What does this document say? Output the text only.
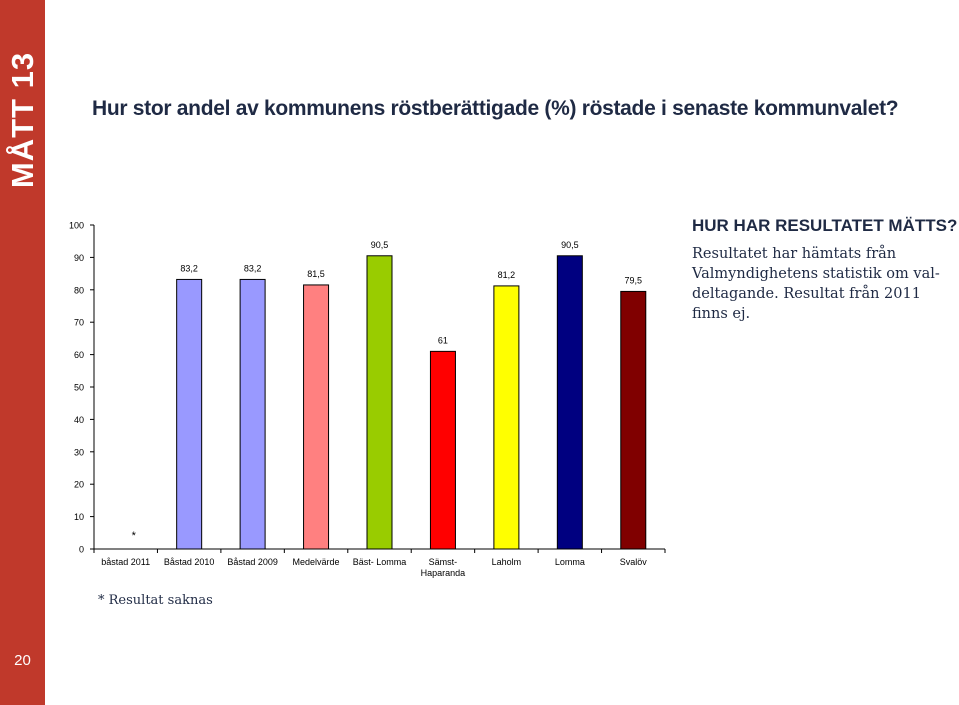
MÅTT 13
20
Hur stor andel av kommunens röstberättigade (%) röstade i senaste kommunvalet?
0
10
20
30
40
50
60
70
80
90
100
*
båstad 2011
83,2
Båstad 2010
83,2
Båstad 2009
81,5
Medelvärde
90,5
Bäst- Lomma
61
Sämst-
Haparanda
81,2
Laholm
90,5
Lomma
79,5
Svalöv
HUR HAR RESULTATET MÄTTS?
Resultatet har hämtats från Valmyndighetens statistik om val-deltagande. Resultat från 2011 finns ej.
* Resultat saknas
